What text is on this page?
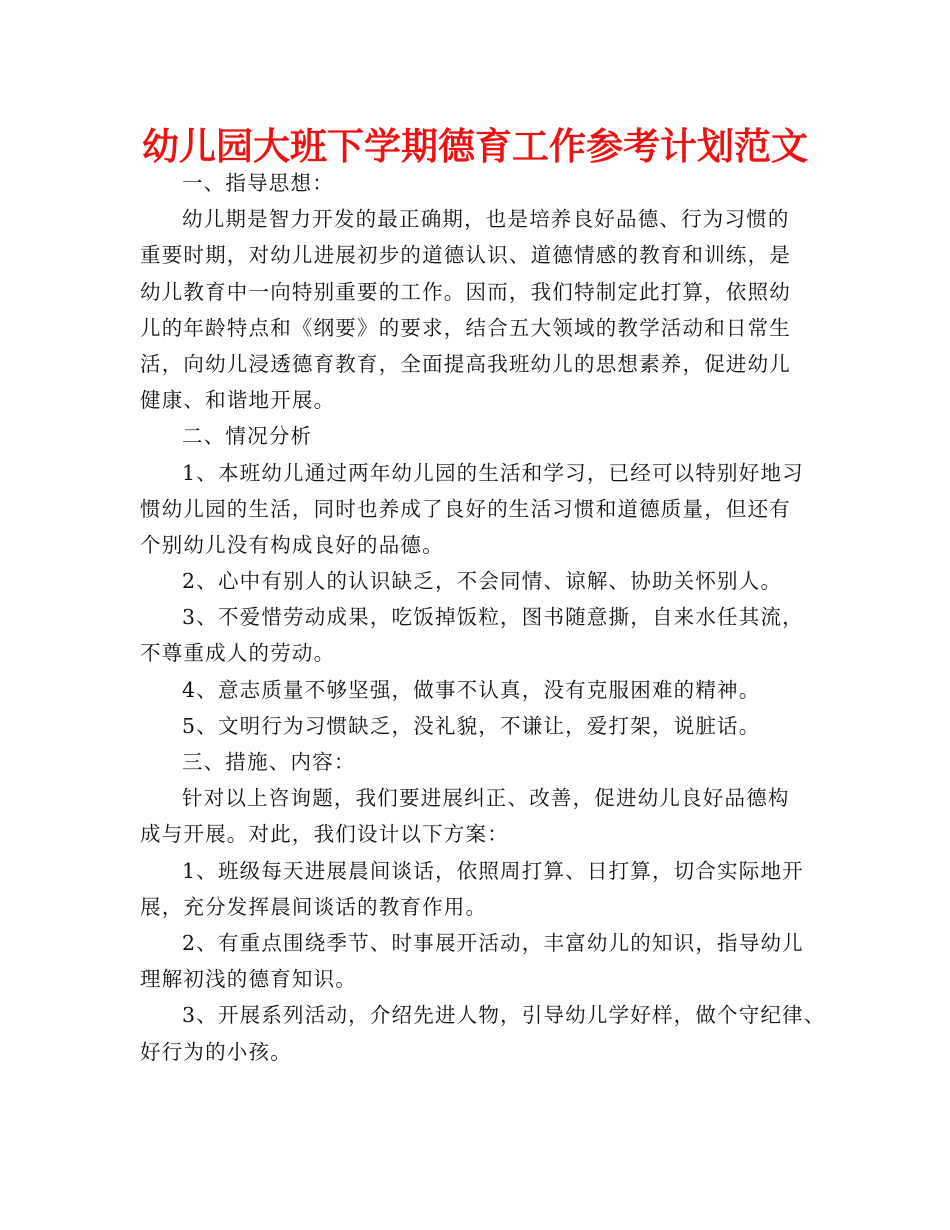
幼儿园大班下学期德育工作参考计划范文
一、指导思想：
幼儿期是智力开发的最正确期，也是培养良好品德、行为习惯的
重要时期，对幼儿进展初步的道德认识、道德情感的教育和训练，是
幼儿教育中一向特别重要的工作。因而，我们特制定此打算，依照幼
儿的年龄特点和《纲要》的要求，结合五大领域的教学活动和日常生
活，向幼儿浸透德育教育，全面提高我班幼儿的思想素养，促进幼儿
健康、和谐地开展。
二、情况分析
1、本班幼儿通过两年幼儿园的生活和学习，已经可以特别好地习
惯幼儿园的生活，同时也养成了良好的生活习惯和道德质量，但还有
个别幼儿没有构成良好的品德。
2、心中有别人的认识缺乏，不会同情、谅解、协助关怀别人。
3、不爱惜劳动成果，吃饭掉饭粒，图书随意撕，自来水任其流，
不尊重成人的劳动。
4、意志质量不够坚强，做事不认真，没有克服困难的精神。
5、文明行为习惯缺乏，没礼貌，不谦让，爱打架，说脏话。
三、措施、内容：
针对以上咨询题，我们要进展纠正、改善，促进幼儿良好品德构
成与开展。对此，我们设计以下方案：
1、班级每天进展晨间谈话，依照周打算、日打算，切合实际地开
展，充分发挥晨间谈话的教育作用。
2、有重点围绕季节、时事展开活动，丰富幼儿的知识，指导幼儿
理解初浅的德育知识。
3、开展系列活动，介绍先进人物，引导幼儿学好样，做个守纪律、
好行为的小孩。
